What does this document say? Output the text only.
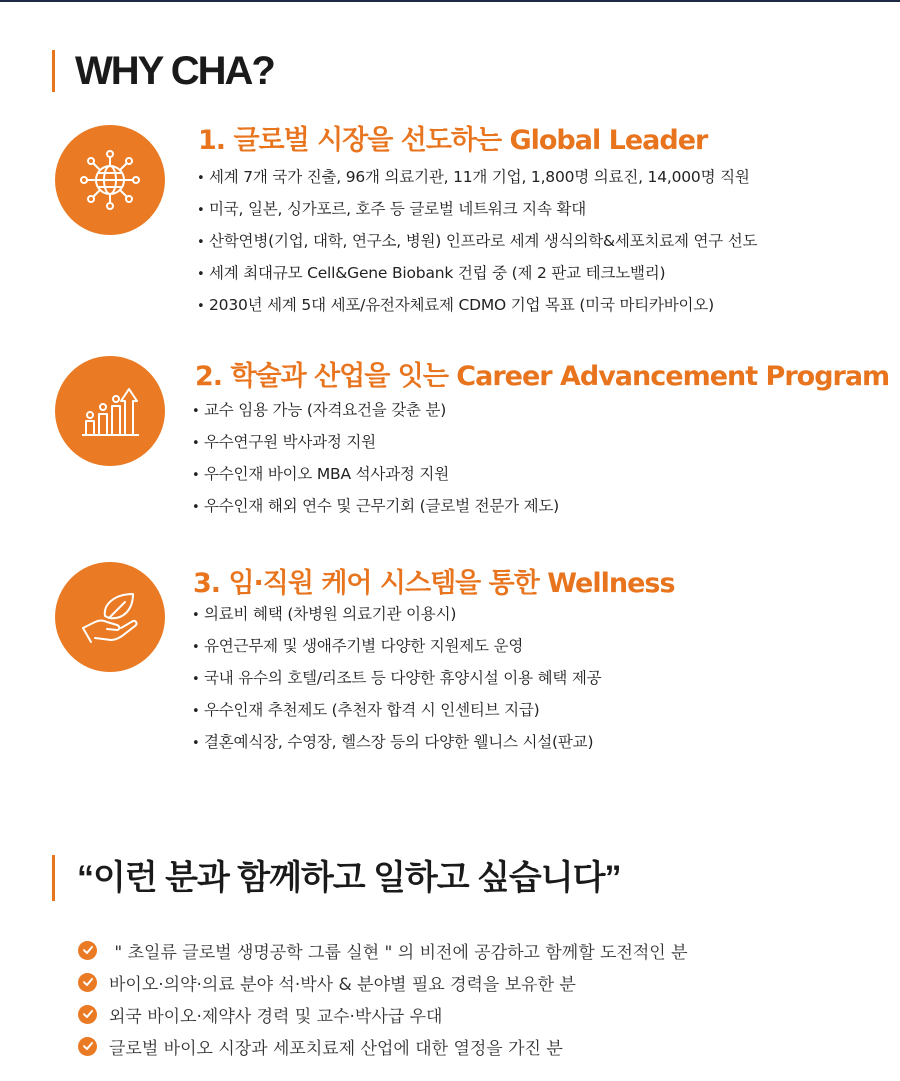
WHY CHA?
1. 글로벌 시장을 선도하는 Global Leader
• 세계 7개 국가 진출, 96개 의료기관, 11개 기업, 1,800명 의료진, 14,000명 직원
• 미국, 일본, 싱가포르, 호주 등 글로벌 네트워크 지속 확대
• 산학연병(기업, 대학, 연구소, 병원) 인프라로 세계 생식의학&세포치료제 연구 선도
• 세계 최대규모 Cell&Gene Biobank 건립 중 (제 2 판교 테크노밸리)
• 2030년 세계 5대 세포/유전자체료제 CDMO 기업 목표 (미국 마티카바이오)
2. 학술과 산업을 잇는 Career Advancement Program
• 교수 임용 가능 (자격요건을 갖춘 분)
• 우수연구원 박사과정 지원
• 우수인재 바이오 MBA 석사과정 지원
• 우수인재 해외 연수 및 근무기회 (글로벌 전문가 제도)
3. 임·직원 케어 시스템을 통한 Wellness
• 의료비 혜택 (차병원 의료기관 이용시)
• 유연근무제 및 생애주기별 다양한 지원제도 운영
• 국내 유수의 호텔/리조트 등 다양한 휴양시설 이용 혜택 제공
• 우수인재 추천제도 (추천자 합격 시 인센티브 지급)
• 결혼예식장, 수영장, 헬스장 등의 다양한 웰니스 시설(판교)
“이런 분과 함께하고 일하고 싶습니다”
" 초일류 글로벌 생명공학 그룹 실현 " 의 비전에 공감하고 함께할 도전적인 분
바이오·의약·의료 분야 석·박사 & 분야별 필요 경력을 보유한 분
외국 바이오·제약사 경력 및 교수·박사급 우대
글로벌 바이오 시장과 세포치료제 산업에 대한 열정을 가진 분
